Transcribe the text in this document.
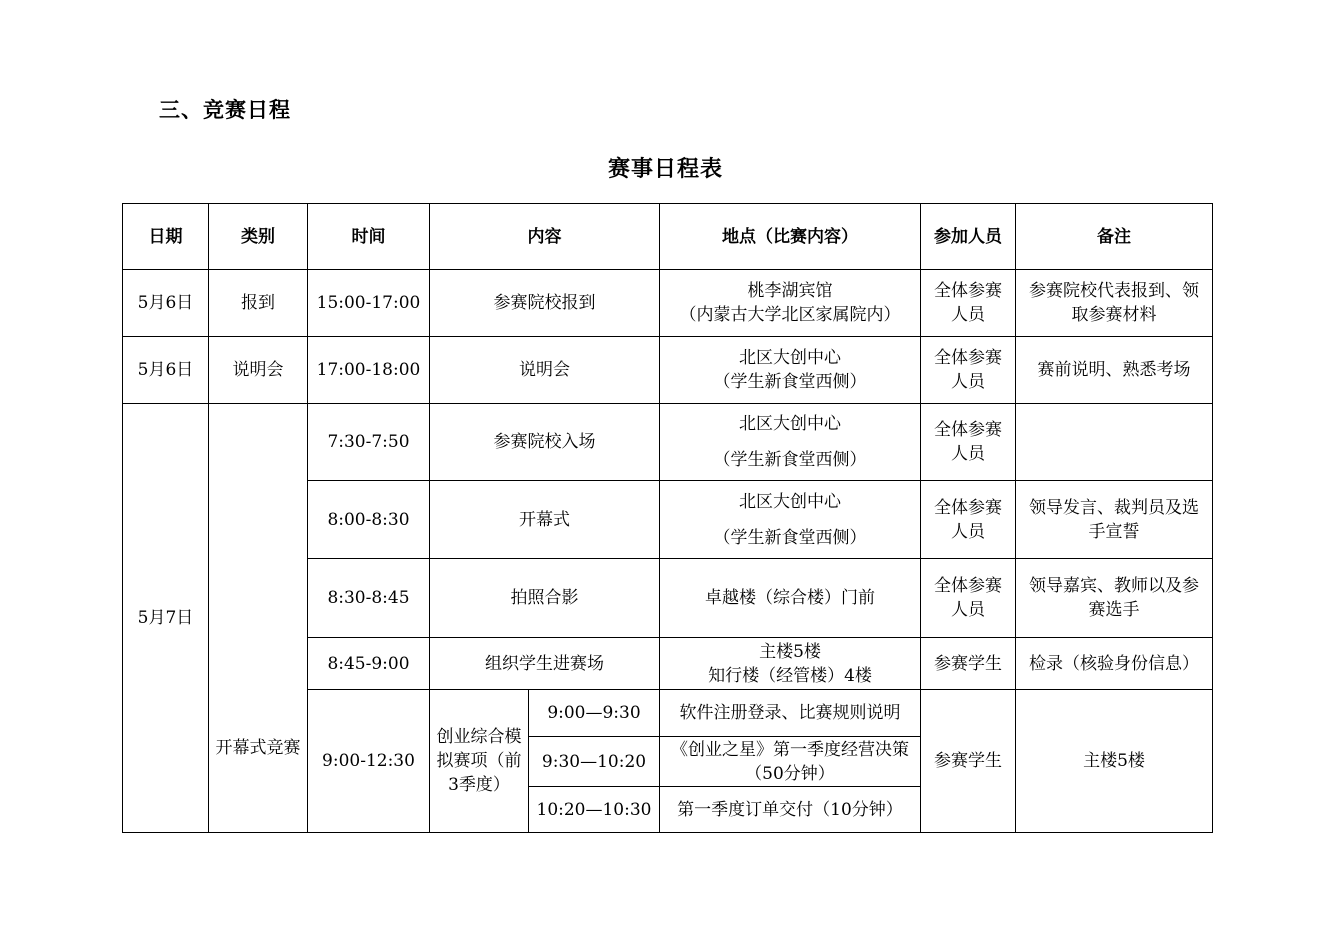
三、竞赛日程
赛事日程表
日期	类别	时间	内容		地点（比赛内容）	参加人员	备注
5月6日	报到	15:00-17:00	参赛院校报到		桃李湖宾馆
（内蒙古大学北区家属院内）	全体参赛人员	参赛院校代表报到、领取参赛材料
5月6日	说明会	17:00-18:00	说明会		北区大创中心
（学生新食堂西侧）	全体参赛人员	赛前说明、熟悉考场
5月7日	开幕式竞赛	7:30-7:50	参赛院校入场		北区大创中心
（学生新食堂西侧）	全体参赛人员	
		8:00-8:30	开幕式		北区大创中心
（学生新食堂西侧）	全体参赛人员	领导发言、裁判员及选手宣誓
		8:30-8:45	拍照合影		卓越楼（综合楼）门前	全体参赛人员	领导嘉宾、教师以及参赛选手
		8:45-9:00	组织学生进赛场		主楼5楼
知行楼（经管楼）4楼	参赛学生	检录（核验身份信息）
		9:00-12:30	创业综合模拟赛项（前3季度）	9:00—9:30	软件注册登录、比赛规则说明	参赛学生	主楼5楼
				9:30—10:20	《创业之星》第一季度经营决策（50分钟）		
				10:20—10:30	第一季度订单交付（10分钟）		
